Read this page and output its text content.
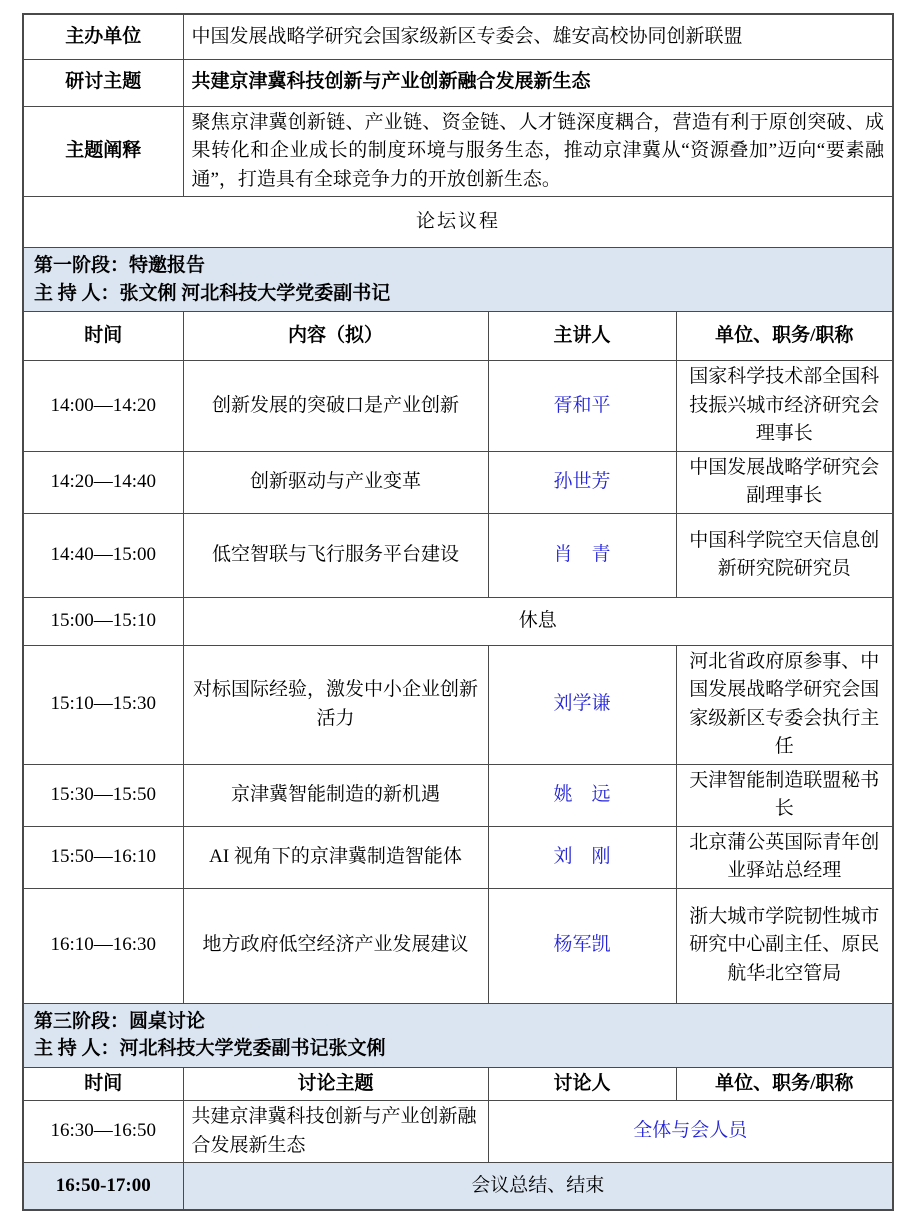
主办单位	中国发展战略学研究会国家级新区专委会、雄安高校协同创新联盟		
研讨主题	共建京津冀科技创新与产业创新融合发展新生态		
主题阐释	聚焦京津冀创新链、产业链、资金链、人才链深度耦合，营造有利于原创突破、成果转化和企业成长的制度环境与服务生态，推动京津冀从“资源叠加”迈向“要素融通”，打造具有全球竞争力的开放创新生态。		
论坛议程			

第一阶段：特邀报告
主 持 人：张文俐 河北科技大学党委副书记			

时间	内容（拟）	主讲人	单位、职务/职称
14:00—14:20	创新发展的突破口是产业创新	胥和平	国家科学技术部全国科技振兴城市经济研究会理事长
14:20—14:40	创新驱动与产业变革	孙世芳	中国发展战略学研究会副理事长
14:40—15:00	低空智联与飞行服务平台建设	肖　青	中国科学院空天信息创新研究院研究员
15:00—15:10	休息		
15:10—15:30	对标国际经验，激发中小企业创新活力	刘学谦	河北省政府原参事、中国发展战略学研究会国家级新区专委会执行主任
15:30—15:50	京津冀智能制造的新机遇	姚　远	天津智能制造联盟秘书长
15:50—16:10	AI 视角下的京津冀制造智能体	刘　刚	北京蒲公英国际青年创业驿站总经理
16:10—16:30	地方政府低空经济产业发展建议	杨军凯	浙大城市学院韧性城市研究中心副主任、原民航华北空管局

第三阶段：圆桌讨论
主 持 人：河北科技大学党委副书记张文俐			

时间	讨论主题	讨论人	单位、职务/职称
16:30—16:50	共建京津冀科技创新与产业创新融合发展新生态	全体与会人员	
16:50-17:00	会议总结、结束		
